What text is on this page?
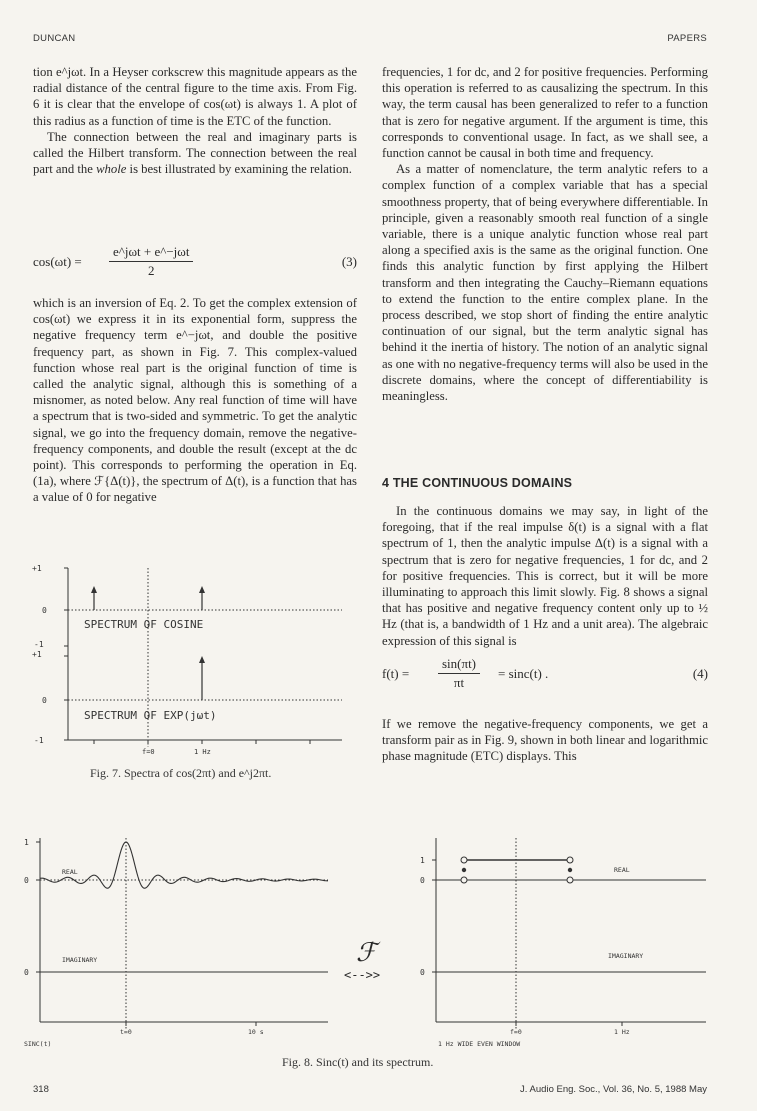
DUNCAN	PAPERS

tion e^jωt. In a Heyser corkscrew this magnitude appears as the radial distance of the central figure to the time axis. From Fig. 6 it is clear that the envelope of cos(ωt) is always 1. A plot of this radius as a function of time is the ETC of the function.

The connection between the real and imaginary parts is called the Hilbert transform. The connection between the real part and the whole is best illustrated by examining the relation.

cos(ωt) =
e^jωt + e^−jωt
2
(3)

which is an inversion of Eq. 2. To get the complex extension of cos(ωt) we express it in its exponential form, suppress the negative frequency term e^−jωt, and double the positive frequency part, as shown in Fig. 7. This complex-valued function whose real part is the original function of time is called the analytic signal, although this is something of a misnomer, as noted below. Any real function of time will have a spectrum that is two-sided and symmetric. To get the analytic signal, we go into the frequency domain, remove the negative-frequency components, and double the result (except at the dc point). This corresponds to performing the operation in Eq. (1a), where ℱ{Δ(t)}, the spectrum of Δ(t), is a function that has a value of 0 for negative

frequencies, 1 for dc, and 2 for positive frequencies. Performing this operation is referred to as causalizing the spectrum. In this way, the term causal has been generalized to refer to a function that is zero for negative argument. If the argument is time, this corresponds to conventional usage. In fact, as we shall see, a function cannot be causal in both time and frequency.

As a matter of nomenclature, the term analytic refers to a complex function of a complex variable that has a special smoothness property, that of being everywhere differentiable. In principle, given a reasonably smooth real function of a single variable, there is a unique analytic function whose real part along a specified axis is the same as the original function. One finds this analytic function by first applying the Hilbert transform and then integrating the Cauchy–Riemann equations to extend the function to the entire complex plane. In the process described, we stop short of finding the entire analytic continuation of our signal, but the term analytic signal has behind it the inertia of history. The notion of an analytic signal as one with no negative-frequency terms will also be used in the discrete domains, where the concept of differentiability is meaningless.

4 THE CONTINUOUS DOMAINS

In the continuous domains we may say, in light of the foregoing, that if the real impulse δ(t) is a signal with a flat spectrum of 1, then the analytic impulse Δ(t) is a signal with a spectrum that is zero for negative frequencies, 1 for dc, and 2 for positive frequencies. This is correct, but it will be more illuminating to approach this limit slowly. Fig. 8 shows a signal that has positive and negative frequency content only up to ½ Hz (that is, a bandwidth of 1 Hz and a unit area). The algebraic expression of this signal is

$f(t) = \frac{\sin(\pi t)}{\pi t} = \sin c(t)$ .	(4)

If we remove the negative-frequency components, we get a transform pair as in Fig. 9, shown in both linear and logarithmic phase magnitude (ETC) displays. This

+1
0
-1
+1
0
-1
SPECTRUM OF COSINE
SPECTRUM OF EXP(jωt)
f=0	1 Hz
Fig. 7. Spectra of cos(2πt) and e^j2πt.
1
0
0
REAL
IMAGINARY
t=0	10 s
SINC(t)
ℱ
<-->>
1
0
0
REAL
IMAGINARY
f=0	1 Hz
1 Hz WIDE EVEN WINDOW
Fig. 8. Sinc(t) and its spectrum.
318	J. Audio Eng. Soc., Vol. 36, No. 5, 1988 May
